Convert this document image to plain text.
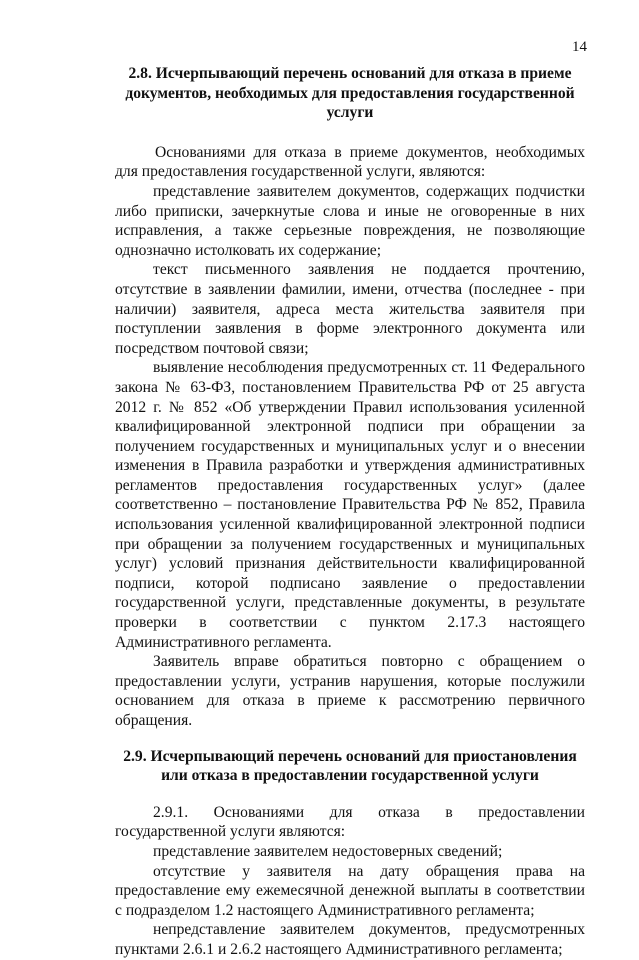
14

2.8. Исчерпывающий перечень оснований для отказа в приеме документов, необходимых для предоставления государственной услуги

Основаниями для отказа в приеме документов, необходимых для предоставления государственной услуги, являются:

представление заявителем документов, содержащих подчистки либо приписки, зачеркнутые слова и иные не оговоренные в них исправления, а также серьезные повреждения, не позволяющие однозначно истолковать их содержание;

текст письменного заявления не поддается прочтению, отсутствие в заявлении фамилии, имени, отчества (последнее - при наличии) заявителя, адреса места жительства заявителя при поступлении заявления в форме электронного документа или посредством почтовой связи;

выявление несоблюдения предусмотренных ст. 11 Федерального закона № 63-ФЗ, постановлением Правительства РФ от 25 августа 2012 г. № 852 «Об утверждении Правил использования усиленной квалифицированной электронной подписи при обращении за получением государственных и муниципальных услуг и о внесении изменения в Правила разработки и утверждения административных регламентов предоставления государственных услуг» (далее соответственно – постановление Правительства РФ № 852, Правила использования усиленной квалифицированной электронной подписи при обращении за получением государственных и муниципальных услуг) условий признания действительности квалифицированной подписи, которой подписано заявление о предоставлении государственной услуги, представленные документы, в результате проверки в соответствии с пунктом 2.17.3 настоящего Административного регламента.

Заявитель вправе обратиться повторно с обращением о предоставлении услуги, устранив нарушения, которые послужили основанием для отказа в приеме к рассмотрению первичного обращения.

2.9. Исчерпывающий перечень оснований для приостановления или отказа в предоставлении государственной услуги

2.9.1. Основаниями для отказа в предоставлении государственной услуги являются:

представление заявителем недостоверных сведений;

отсутствие у заявителя на дату обращения права на предоставление ему ежемесячной денежной выплаты в соответствии с подразделом 1.2 настоящего Административного регламента;

непредставление заявителем документов, предусмотренных пунктами 2.6.1 и 2.6.2 настоящего Административного регламента;
